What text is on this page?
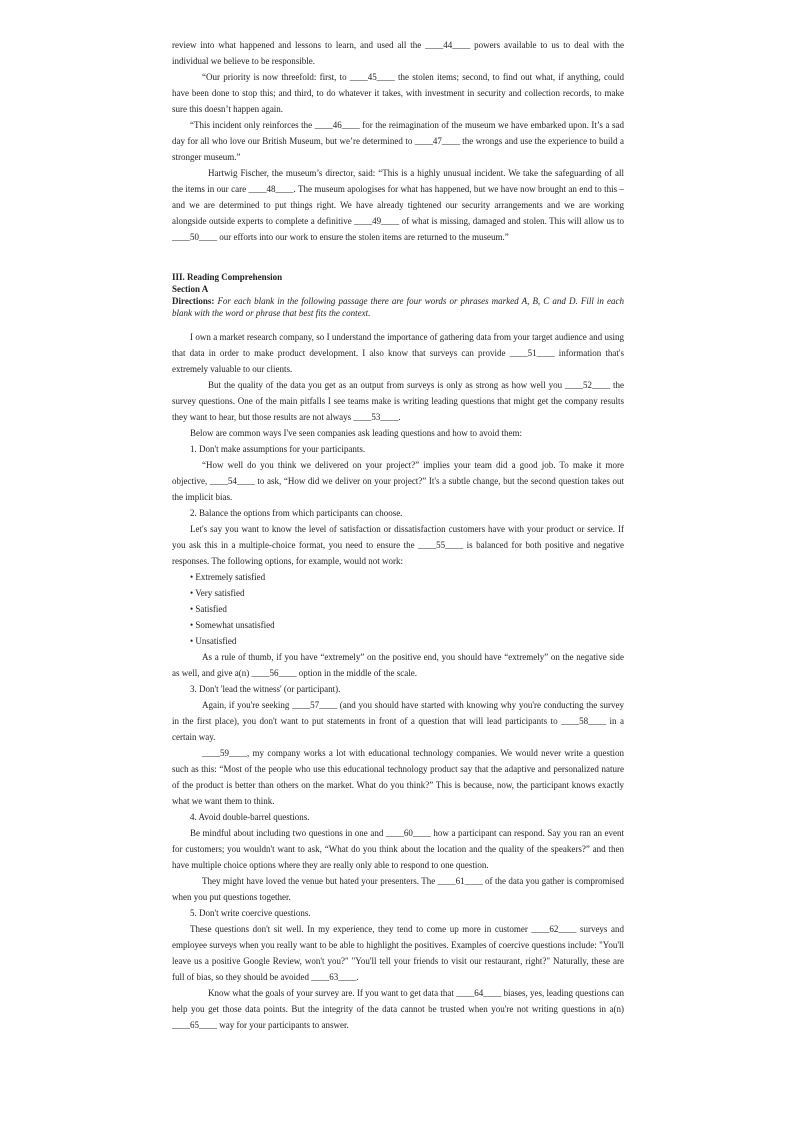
review into what happened and lessons to learn, and used all the ____44____ powers available to us to deal with the individual we believe to be responsible.

“Our priority is now threefold: first, to ____45____ the stolen items; second, to find out what, if anything, could have been done to stop this; and third, to do whatever it takes, with investment in security and collection records, to make sure this doesn’t happen again.

“This incident only reinforces the ____46____ for the reimagination of the museum we have embarked upon. It’s a sad day for all who love our British Museum, but we’re determined to ____47____ the wrongs and use the experience to build a stronger museum.”

Hartwig Fischer, the museum’s director, said: “This is a highly unusual incident. We take the safeguarding of all the items in our care ____48____. The museum apologises for what has happened, but we have now brought an end to this – and we are determined to put things right. We have already tightened our security arrangements and we are working alongside outside experts to complete a definitive ____49____ of what is missing, damaged and stolen. This will allow us to ____50____ our efforts into our work to ensure the stolen items are returned to the museum.”

III. Reading Comprehension
Section A

Directions: For each blank in the following passage there are four words or phrases marked A, B, C and D. Fill in each blank with the word or phrase that best fits the context.

I own a market research company, so I understand the importance of gathering data from your target audience and using that data in order to make product development. I also know that surveys can provide ____51____ information that's extremely valuable to our clients.

But the quality of the data you get as an output from surveys is only as strong as how well you ____52____ the survey questions. One of the main pitfalls I see teams make is writing leading questions that might get the company results they want to hear, but those results are not always ____53____.

Below are common ways I've seen companies ask leading questions and how to avoid them:

1. Don't make assumptions for your participants.

“How well do you think we delivered on your project?” implies your team did a good job. To make it more objective, ____54____ to ask, “How did we deliver on your project?” It's a subtle change, but the second question takes out the implicit bias.

2. Balance the options from which participants can choose.

Let's say you want to know the level of satisfaction or dissatisfaction customers have with your product or service. If you ask this in a multiple-choice format, you need to ensure the ____55____ is balanced for both positive and negative responses. The following options, for example, would not work:

• Extremely satisfied

• Very satisfied

• Satisfied

• Somewhat unsatisfied

• Unsatisfied

As a rule of thumb, if you have “extremely” on the positive end, you should have “extremely” on the negative side as well, and give a(n) ____56____ option in the middle of the scale.

3. Don't 'lead the witness' (or participant).

Again, if you're seeking ____57____ (and you should have started with knowing why you're conducting the survey in the first place), you don't want to put statements in front of a question that will lead participants to ____58____ in a certain way.

____59____, my company works a lot with educational technology companies. We would never write a question such as this: “Most of the people who use this educational technology product say that the adaptive and personalized nature of the product is better than others on the market. What do you think?” This is because, now, the participant knows exactly what we want them to think.

4. Avoid double-barrel questions.

Be mindful about including two questions in one and ____60____ how a participant can respond. Say you ran an event for customers; you wouldn't want to ask, “What do you think about the location and the quality of the speakers?” and then have multiple choice options where they are really only able to respond to one question.

They might have loved the venue but hated your presenters. The ____61____ of the data you gather is compromised when you put questions together.

5. Don't write coercive questions.

These questions don't sit well. In my experience, they tend to come up more in customer ____62____ surveys and employee surveys when you really want to be able to highlight the positives. Examples of coercive questions include: "You'll leave us a positive Google Review, won't you?" "You'll tell your friends to visit our restaurant, right?" Naturally, these are full of bias, so they should be avoided ____63____.

Know what the goals of your survey are. If you want to get data that ____64____ biases, yes, leading questions can help you get those data points. But the integrity of the data cannot be trusted when you're not writing questions in a(n) ____65____ way for your participants to answer.
